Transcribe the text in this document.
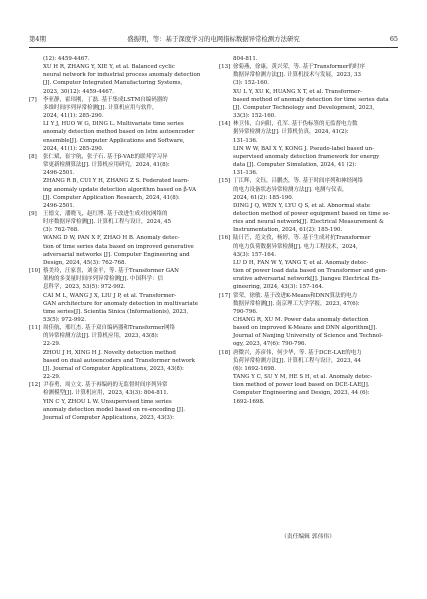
第4期	盛振明，等：基于深度学习的电网指标数据异常检测方法研究	65
(12): 4459-4467.
XU H R, ZHANG Y, XIE Y, et al. Balanced cyclic
neural network for industrial process anomaly detection
[J]. Computer Integrated Manufacturing Systems,
2023, 30(12): 4459-4467.
[7] 李亚静，霍玮刚，丁磊. 基于集成LSTM自编码器的
多维时间序列异常检测[J]. 计算机应用与软件，
2024, 41(1): 285-290.
LI Y J, HUO W G, DING L. Multivariate time series
anomaly detection method based on lstm autoencoder
ensemble[J]. Computer Applications and Software,
2024, 41(1): 285-290.
[8] 张仁斌，崔宇航，张子石. 基于β-VAE的联邦学习异
常更新检测算法[J]. 计算机应用研究，2024, 41(8):
2496-2501.
ZHANG R B, CUI Y H, ZHANG Z S. Federated learn-
ing anomaly update detection algorithm based on β-VA
[J]. Computer Application Research, 2024, 41(8):
2496-2501.
[9] 王德文，潘晓飞，赵红博. 基于改进生成对抗网络的
时序数据异常检测[J]. 计算机工程与设计，2024, 45
(3): 762-768.
WANG D W, PAN X F, ZHAO H B. Anomaly detec-
tion of time series data based on improved generative
adversarial networks [J]. Computer Engineering and
Design, 2024, 45(3): 762-768.
[10] 蔡美玲，汪家喜，刘金平，等. 基于Transformer GAN
架构的多变量时间序列异常检测[J]. 中国科学：信
息科学，2023, 53(5): 972-992.
CAI M L, WANG J X, LIU J P, et al. Transformer-
GAN architecture for anomaly detection in multivariate
time series[J]. Scientia Sinica (Informationis), 2023,
53(5): 972-992.
[11] 周佳航，邢红杰. 基于双自编码器和Transformer网络
的异常检测方法[J]. 计算机应用，2023, 43(8):
22-29.
ZHOU J H, XING H J. Novelty detection method
based on dual autoencoders and Transformer network
[J]. Journal of Computer Applications, 2023, 43(8):
22-29.
[12] 尹春勇，周立文. 基于再编码的无监督时间序列异常
检测模型[J]. 计算机应用，2023, 43(3): 804-811.
YIN C Y, ZHOU L W. Unsupervised time series
anomaly detection model based on re-encoding [J].
Journal of Computer Applications, 2023, 43(3):
804-811.
[13] 徐菊燕，徐康，黄兴荣，等. 基于Transformer的时序
数据异常检测方法[J]. 计算机技术与发展，2023, 33
(3): 152-160.
XU L Y, XU K, HUANG X T, et al. Transformer-
based method of anomaly detection for time series data
[J]. Computer Technology and Development, 2023,
33(3): 152-160.
[14] 林卫伟，白向阳，孔军. 基于伪标签的无监督电力数
据异常检测方法[J]. 计算机仿真，2024, 41(2):
131-136.
LIN W W, BAI X Y, KONG J. Pseudo-label based un-
supervised anomaly detection framework for energy
data [J]. Computer Simulation, 2024, 41 (2):
131-136.
[15] 丁江辉，文钰，吕鹏杰，等. 基于时间序列和神经网络
的电力设备状态异常检测方法[J]. 电测与仪表，
2024, 61(2): 185-190.
DING J Q, WEN Y, LYU Q S, et al. Abnormal state
detection method of power equipment based on time se-
ries and neural network[J]. Electrical Measurement &
Instrumentation, 2024, 61(2): 185-190.
[16] 陆日芒，范文孜，杨婷，等. 基于生成对抗Transformer
的电力负荷数据异常检测[J]. 电力工程技术，2024,
43(3): 157-164.
LU D H, FAN W Y, YANG T, et al. Anomaly detec-
tion of power load data based on Transformer and gen-
erative adversarial network[J]. Jiangsu Electrical En-
gineering, 2024, 43(3): 157-164.
[17] 常荣，徐敏. 基于改进K-Means和DNN算法的电力
数据异常检测[J]. 南京理工大学学报，2023, 47(6):
790-796.
CHANG R, XU M. Power data anomaly detection
based on improved K-Means and DNN algorithm[J].
Journal of Nanjing University of Science and Technol-
ogy, 2023, 47(6): 790-796.
[18] 唐微兴，苏彦伟，何少华，等. 基于DCE-LAE的电力
负荷异常检测方法[J]. 计算机工程与设计，2023, 44
(6): 1692-1698.
TANG Y C, SU Y M, HE S H, et al. Anomaly detec-
tion method of power load based on DCE-LAE[J].
Computer Engineering and Design, 2023, 44 (6):
1692-1698.
（责任编辑 郭伟伟）
